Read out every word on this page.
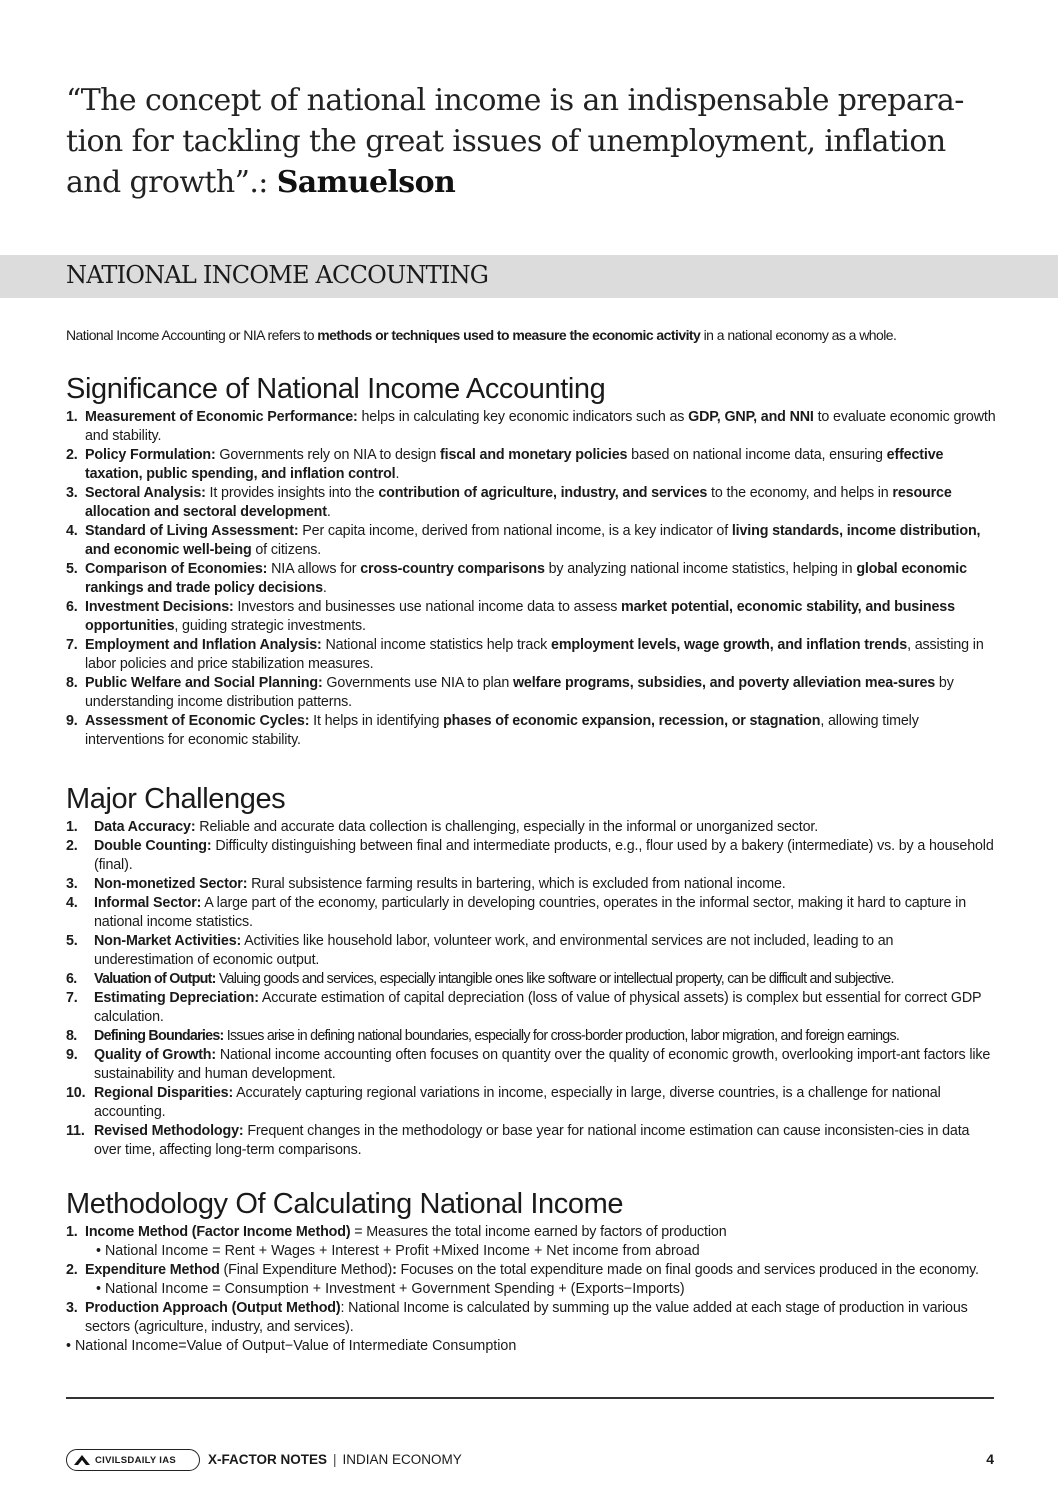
“The concept of national income is an indispensable prepara-tion for tackling the great issues of unemployment, inflation and growth”.: Samuelson
NATIONAL INCOME ACCOUNTING
National Income Accounting or NIA refers to methods or techniques used to measure the economic activity in a national economy as a whole.
Significance of National Income Accounting
1. Measurement of Economic Performance: helps in calculating key economic indicators such as GDP, GNP, and NNI to evaluate economic growth and stability.
2. Policy Formulation: Governments rely on NIA to design fiscal and monetary policies based on national income data, ensuring effective taxation, public spending, and inflation control.
3. Sectoral Analysis: It provides insights into the contribution of agriculture, industry, and services to the economy, and helps in resource allocation and sectoral development.
4. Standard of Living Assessment: Per capita income, derived from national income, is a key indicator of living standards, income distribution, and economic well-being of citizens.
5. Comparison of Economies: NIA allows for cross-country comparisons by analyzing national income statistics, helping in global economic rankings and trade policy decisions.
6. Investment Decisions: Investors and businesses use national income data to assess market potential, economic stability, and business opportunities, guiding strategic investments.
7. Employment and Inflation Analysis: National income statistics help track employment levels, wage growth, and inflation trends, assisting in labor policies and price stabilization measures.
8. Public Welfare and Social Planning: Governments use NIA to plan welfare programs, subsidies, and poverty alleviation mea-sures by understanding income distribution patterns.
9. Assessment of Economic Cycles: It helps in identifying phases of economic expansion, recession, or stagnation, allowing timely interventions for economic stability.
Major Challenges
1. Data Accuracy: Reliable and accurate data collection is challenging, especially in the informal or unorganized sector.
2. Double Counting: Difficulty distinguishing between final and intermediate products, e.g., flour used by a bakery (intermediate) vs. by a household (final).
3. Non-monetized Sector: Rural subsistence farming results in bartering, which is excluded from national income.
4. Informal Sector: A large part of the economy, particularly in developing countries, operates in the informal sector, making it hard to capture in national income statistics.
5. Non-Market Activities: Activities like household labor, volunteer work, and environmental services are not included, leading to an underestimation of economic output.
6. Valuation of Output: Valuing goods and services, especially intangible ones like software or intellectual property, can be difficult and subjective.
7. Estimating Depreciation: Accurate estimation of capital depreciation (loss of value of physical assets) is complex but essential for correct GDP calculation.
8. Defining Boundaries: Issues arise in defining national boundaries, especially for cross-border production, labor migration, and foreign earnings.
9. Quality of Growth: National income accounting often focuses on quantity over the quality of economic growth, overlooking import-ant factors like sustainability and human development.
10. Regional Disparities: Accurately capturing regional variations in income, especially in large, diverse countries, is a challenge for national accounting.
11. Revised Methodology: Frequent changes in the methodology or base year for national income estimation can cause inconsisten-cies in data over time, affecting long-term comparisons.
Methodology Of Calculating National Income
1. Income Method (Factor Income Method) = Measures the total income earned by factors of production
• National Income = Rent + Wages + Interest + Profit +Mixed Income + Net income from abroad
2. Expenditure Method (Final Expenditure Method): Focuses on the total expenditure made on final goods and services produced in the economy.
• National Income = Consumption + Investment + Government Spending + (Exports−Imports)
3. Production Approach (Output Method): National Income is calculated by summing up the value added at each stage of production in various sectors (agriculture, industry, and services).
• National Income=Value of Output−Value of Intermediate Consumption
CIVILSDAILY IAS X-FACTOR NOTES | INDIAN ECONOMY	4
